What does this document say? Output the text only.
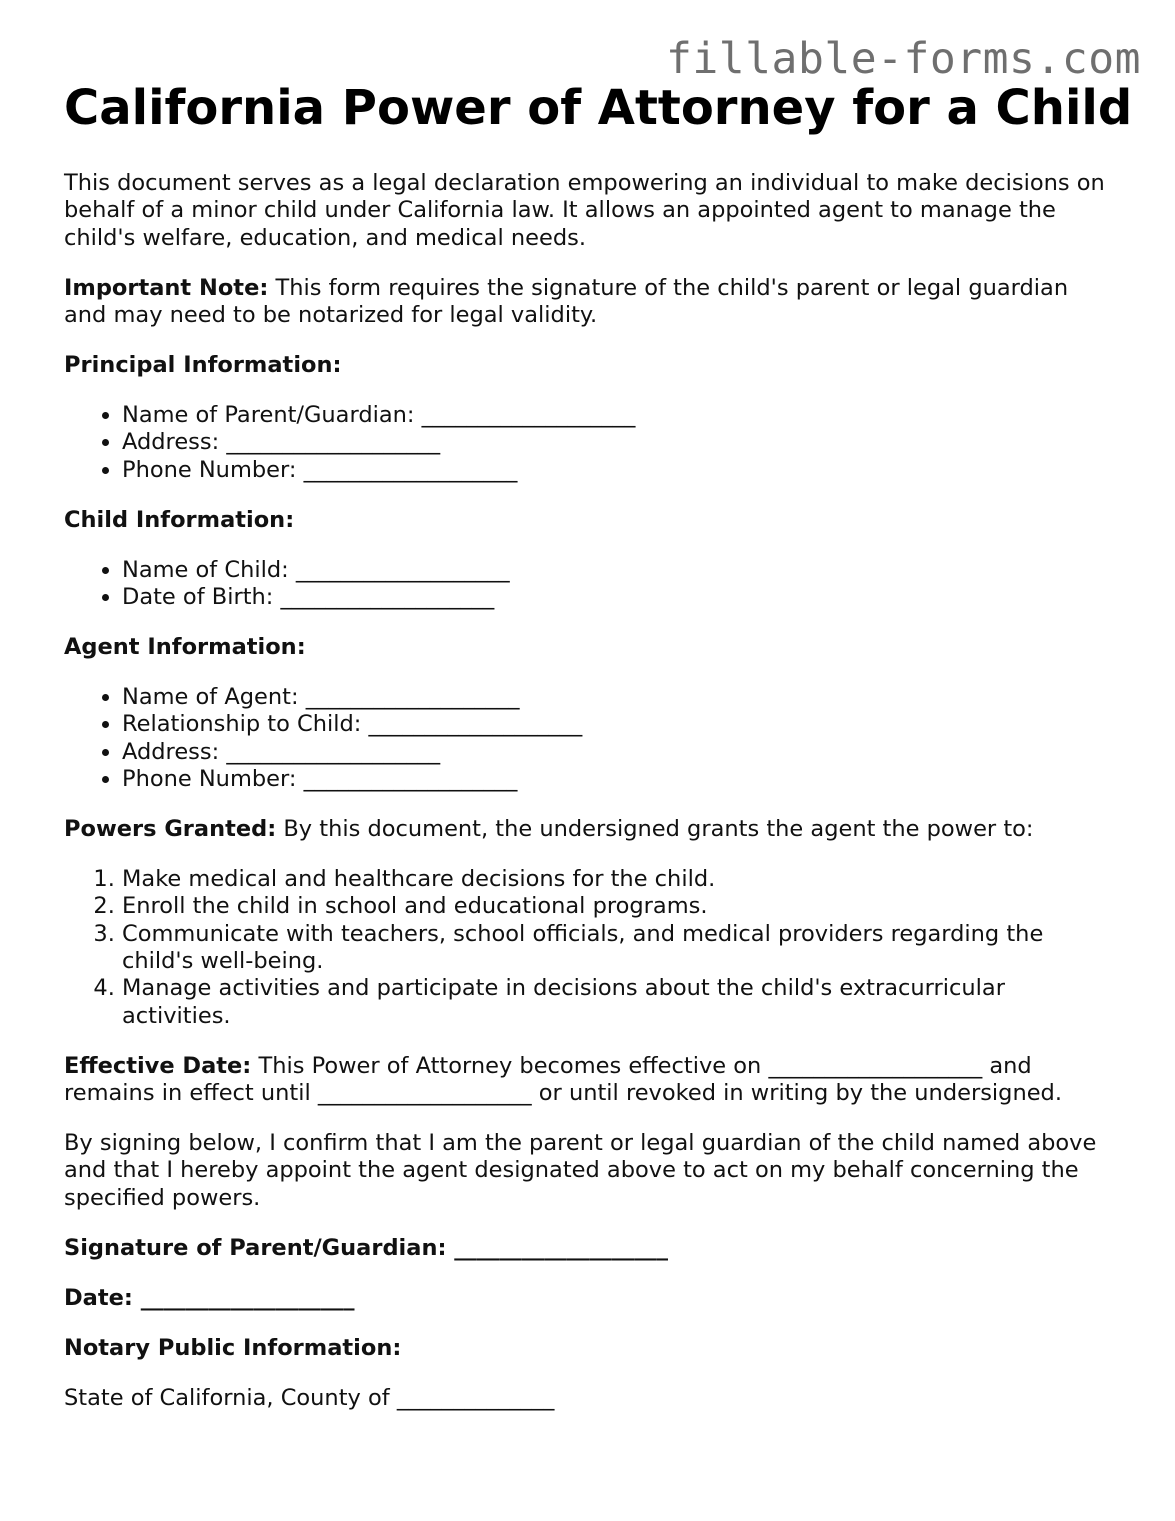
fillable-forms.com
California Power of Attorney for a Child

This document serves as a legal declaration empowering an individual to make decisions on behalf of a minor child under California law. It allows an appointed agent to manage the child's welfare, education, and medical needs.

Important Note: This form requires the signature of the child's parent or legal guardian and may need to be notarized for legal validity.

Principal Information:

• Name of Parent/Guardian: ___________________
• Address: ___________________
• Phone Number: ___________________

Child Information:

• Name of Child: ___________________
• Date of Birth: ___________________

Agent Information:

• Name of Agent: ___________________
• Relationship to Child: ___________________
• Address: ___________________
• Phone Number: ___________________

Powers Granted: By this document, the undersigned grants the agent the power to:

1. Make medical and healthcare decisions for the child.
2. Enroll the child in school and educational programs.
3. Communicate with teachers, school officials, and medical providers regarding the child's well-being.
4. Manage activities and participate in decisions about the child's extracurricular activities.

Effective Date: This Power of Attorney becomes effective on ___________________ and remains in effect until ___________________ or until revoked in writing by the undersigned.

By signing below, I confirm that I am the parent or legal guardian of the child named above and that I hereby appoint the agent designated above to act on my behalf concerning the specified powers.

Signature of Parent/Guardian: ___________________

Date: ___________________

Notary Public Information:

State of California, County of ______________
